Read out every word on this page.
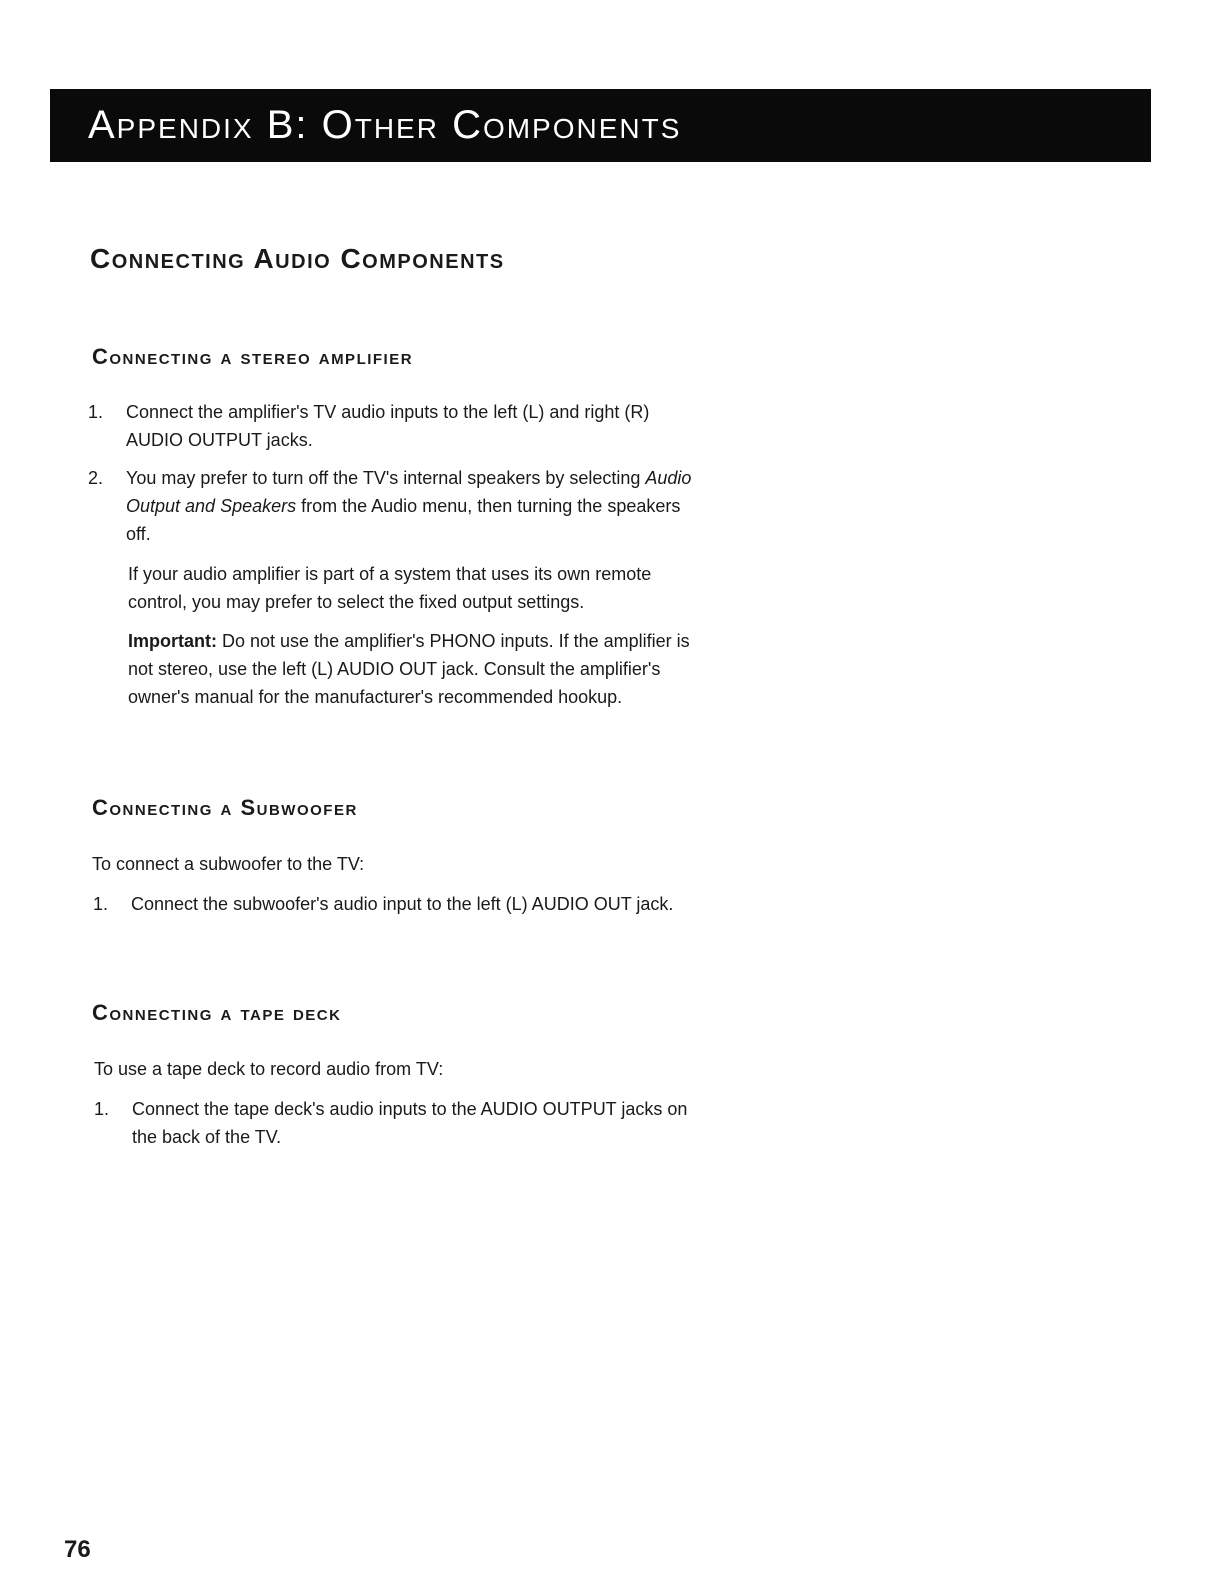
Appendix B: Other Components
Connecting Audio Components
Connecting a stereo amplifier
1. Connect the amplifier's TV audio inputs to the left (L) and right (R) AUDIO OUTPUT jacks.
2. You may prefer to turn off the TV's internal speakers by selecting Audio Output and Speakers from the Audio menu, then turning the speakers off.
If your audio amplifier is part of a system that uses its own remote control, you may prefer to select the fixed output settings.
Important: Do not use the amplifier's PHONO inputs. If the amplifier is not stereo, use the left (L) AUDIO OUT jack. Consult the amplifier's owner's manual for the manufacturer's recommended hookup.
Connecting a Subwoofer
To connect a subwoofer to the TV:
1. Connect the subwoofer's audio input to the left (L) AUDIO OUT jack.
Connecting a tape deck
To use a tape deck to record audio from TV:
1. Connect the tape deck's audio inputs to the AUDIO OUTPUT jacks on the back of the TV.
76
